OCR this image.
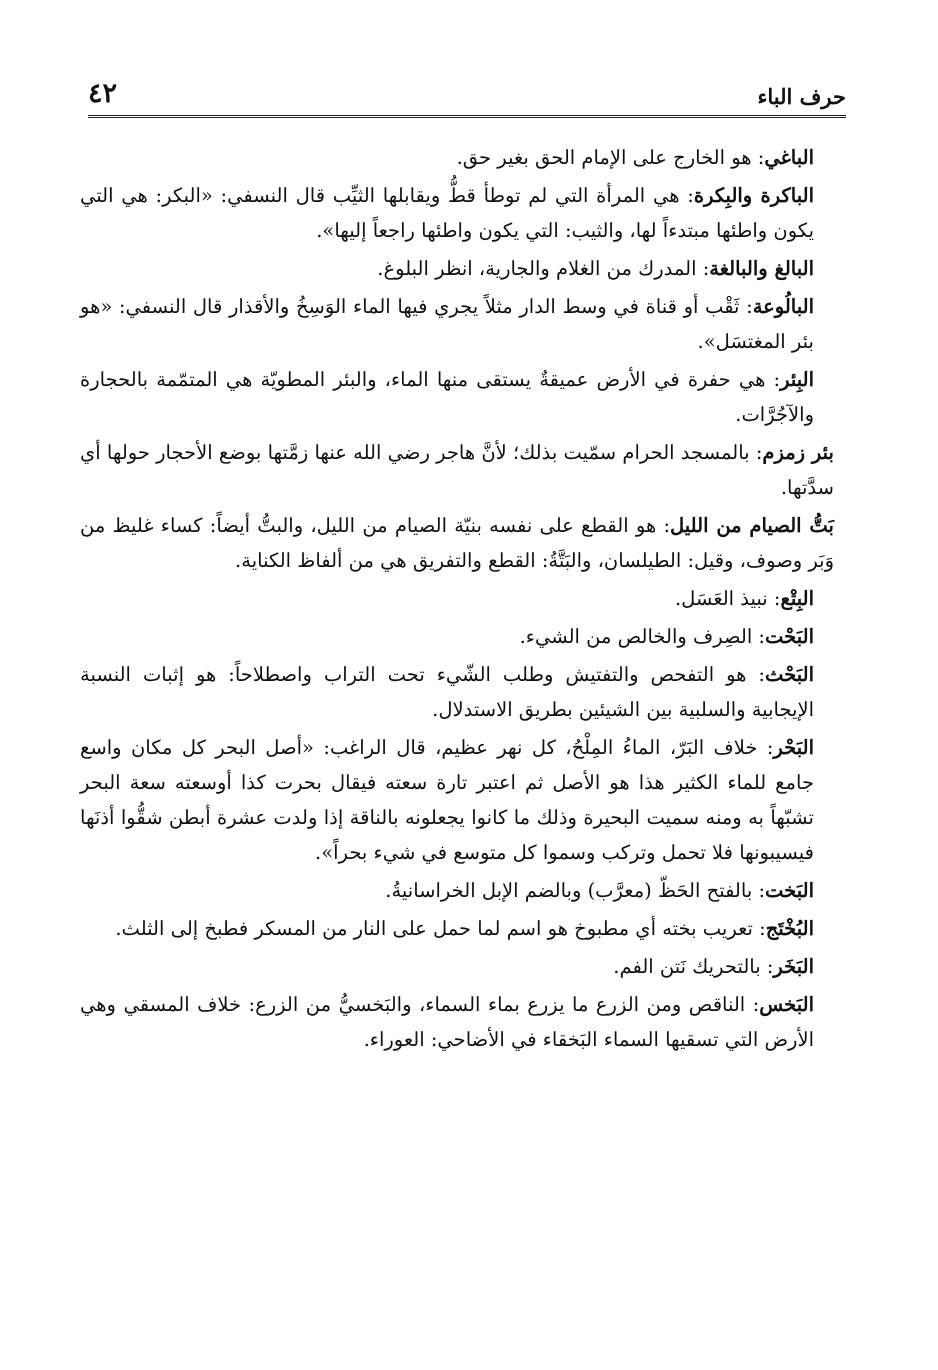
حرف الباء
٤٢

الباغي: هو الخارج على الإمام الحق بغير حق.

الباكرة والبِكرة: هي المرأة التي لم توطأ قطُّ ويقابلها الثيِّب قال النسفي: «البكر: هي التي يكون واطئها مبتدءاً لها، والثيب: التي يكون واطئها راجعاً إليها».

البالغ والبالغة: المدرك من الغلام والجارية، انظر البلوغ.

البالُوعة: ثَقْب أو قناة في وسط الدار مثلاً يجري فيها الماء الوَسِخُ والأقذار قال النسفي: «هو بئر المغتسَل».

البِئر: هي حفرة في الأرض عميقةٌ يستقى منها الماء، والبئر المطويّة هي المتمّمة بالحجارة والآجُرَّات.

بئر زمزم: بالمسجد الحرام سمّيت بذلك؛ لأنَّ هاجر رضي الله عنها زمَّتها بوضع الأحجار حولها أي سدَّتها.

بَتُّ الصيام من الليل: هو القطع على نفسه بنيّة الصيام من الليل، والبتُّ أيضاً: كساء غليظ من وَبَر وصوف، وقيل: الطيلسان، والبَتَّةُ: القطع والتفريق هي من ألفاظ الكناية.

البِتْع: نبيذ العَسَل.

البَحْت: الصِرف والخالص من الشيء.

البَحْث: هو التفحص والتفتيش وطلب الشّيء تحت التراب واصطلاحاً: هو إثبات النسبة الإيجابية والسلبية بين الشيئين بطريق الاستدلال.

البَحْر: خلاف البَرّ، الماءُ المِلْحُ، كل نهر عظيم، قال الراغب: «أصل البحر كل مكان واسع جامع للماء الكثير هذا هو الأصل ثم اعتبر تارة سعته فيقال بحرت كذا أوسعته سعة البحر تشبّهاً به ومنه سميت البحيرة وذلك ما كانوا يجعلونه بالناقة إذا ولدت عشرة أبطن شقُّوا أذنَها فيسيبونها فلا تحمل وتركب وسموا كل متوسع في شيء بحراً».

البَخت: بالفتح الحَظّ (معرَّب) وبالضم الإبل الخراسانيةُ.

البُخْتَج: تعريب بخته أي مطبوخ هو اسم لما حمل على النار من المسكر فطبخ إلى الثلث.

البَخَر: بالتحريك نَتن الفم.

البَخس: الناقص ومن الزرع ما يزرع بماء السماء، والبَخسيُّ من الزرع: خلاف المسقي وهي الأرض التي تسقيها السماء البَخقاء في الأضاحي: العوراء.
